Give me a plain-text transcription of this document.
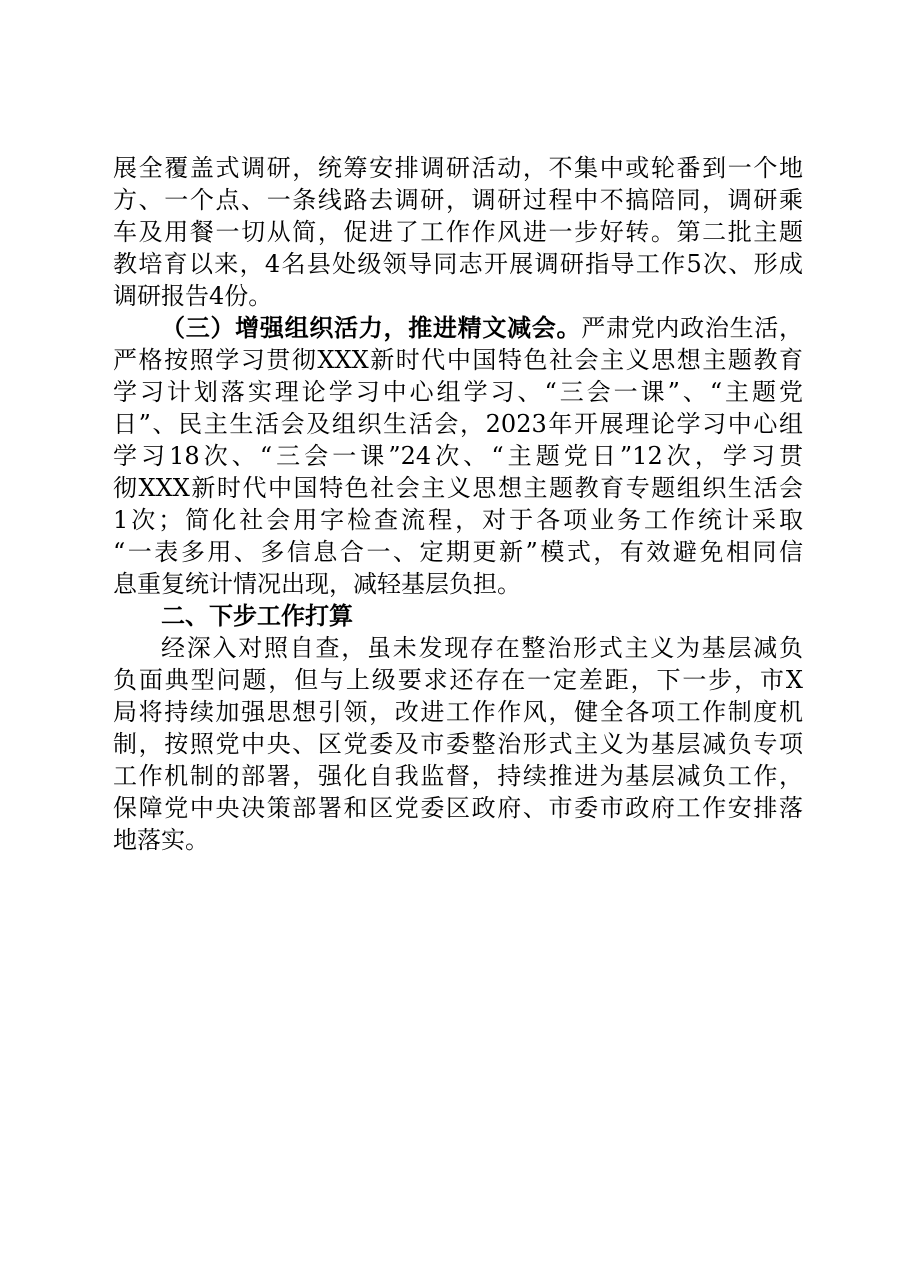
展全覆盖式调研，统筹安排调研活动，不集中或轮番到一个地
方、一个点、一条线路去调研，调研过程中不搞陪同，调研乘
车及用餐一切从简，促进了工作作风进一步好转。第二批主题
教培育以来，4名县处级领导同志开展调研指导工作5次、形成
调研报告4份。
（三）增强组织活力，推进精文减会。严肃党内政治生活，
严格按照学习贯彻XXX新时代中国特色社会主义思想主题教育
学习计划落实理论学习中心组学习、“三会一课”、“主题党
日”、民主生活会及组织生活会，2023年开展理论学习中心组
学习18次、“三会一课”24次、“主题党日”12次，学习贯
彻XXX新时代中国特色社会主义思想主题教育专题组织生活会
1次；简化社会用字检查流程，对于各项业务工作统计采取
“一表多用、多信息合一、定期更新”模式，有效避免相同信
息重复统计情况出现，减轻基层负担。
二、下步工作打算
经深入对照自查，虽未发现存在整治形式主义为基层减负
负面典型问题，但与上级要求还存在一定差距，下一步，市X
局将持续加强思想引领，改进工作作风，健全各项工作制度机
制，按照党中央、区党委及市委整治形式主义为基层减负专项
工作机制的部署，强化自我监督，持续推进为基层减负工作，
保障党中央决策部署和区党委区政府、市委市政府工作安排落
地落实。
